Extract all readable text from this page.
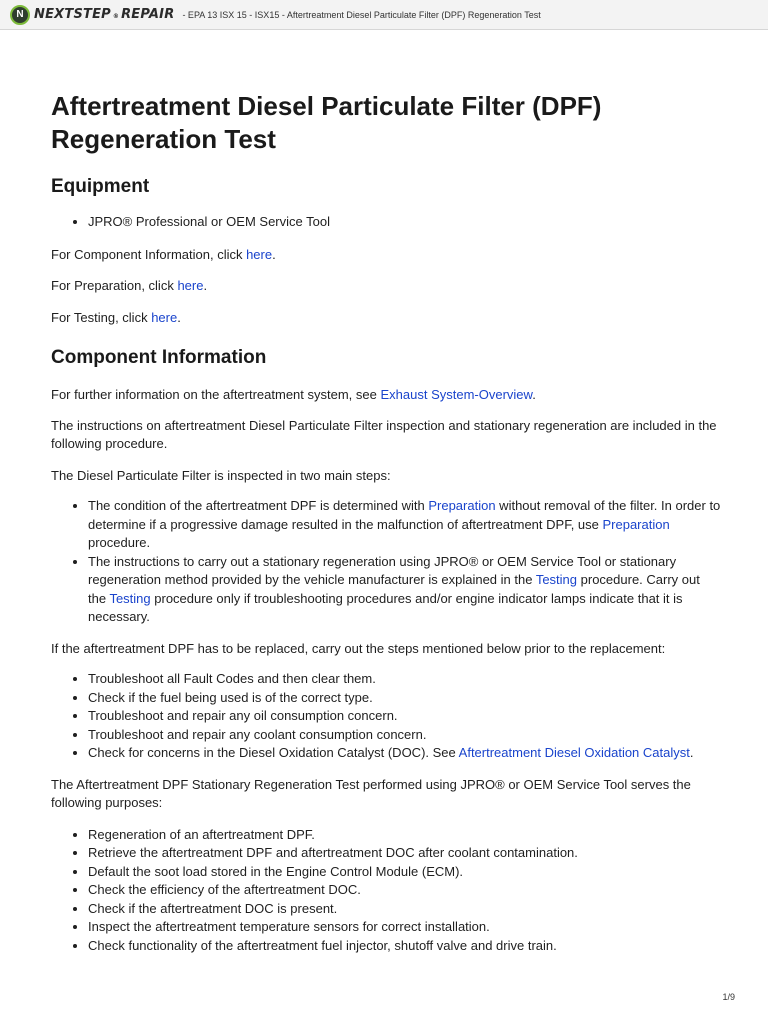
N NEXTSTEP ® REPAIR - EPA 13 ISX 15 - ISX15 - Aftertreatment Diesel Particulate Filter (DPF) Regeneration Test
Aftertreatment Diesel Particulate Filter (DPF) Regeneration Test
Equipment
• JPRO® Professional or OEM Service Tool

For Component Information, click here.

For Preparation, click here.

For Testing, click here.

Component Information

For further information on the aftertreatment system, see Exhaust System-Overview.

The instructions on aftertreatment Diesel Particulate Filter inspection and stationary regeneration are included in the following procedure.

The Diesel Particulate Filter is inspected in two main steps:

• The condition of the aftertreatment DPF is determined with Preparation without removal of the filter. In order to determine if a progressive damage resulted in the malfunction of aftertreatment DPF, use Preparation procedure.
• The instructions to carry out a stationary regeneration using JPRO® or OEM Service Tool or stationary regeneration method provided by the vehicle manufacturer is explained in the Testing procedure. Carry out the Testing procedure only if troubleshooting procedures and/or engine indicator lamps indicate that it is necessary.

If the aftertreatment DPF has to be replaced, carry out the steps mentioned below prior to the replacement:

• Troubleshoot all Fault Codes and then clear them.
• Check if the fuel being used is of the correct type.
• Troubleshoot and repair any oil consumption concern.
• Troubleshoot and repair any coolant consumption concern.
• Check for concerns in the Diesel Oxidation Catalyst (DOC). See Aftertreatment Diesel Oxidation Catalyst.

The Aftertreatment DPF Stationary Regeneration Test performed using JPRO® or OEM Service Tool serves the following purposes:

• Regeneration of an aftertreatment DPF.
• Retrieve the aftertreatment DPF and aftertreatment DOC after coolant contamination.
• Default the soot load stored in the Engine Control Module (ECM).
• Check the efficiency of the aftertreatment DOC.
• Check if the aftertreatment DOC is present.
• Inspect the aftertreatment temperature sensors for correct installation.
• Check functionality of the aftertreatment fuel injector, shutoff valve and drive train.
1/9
